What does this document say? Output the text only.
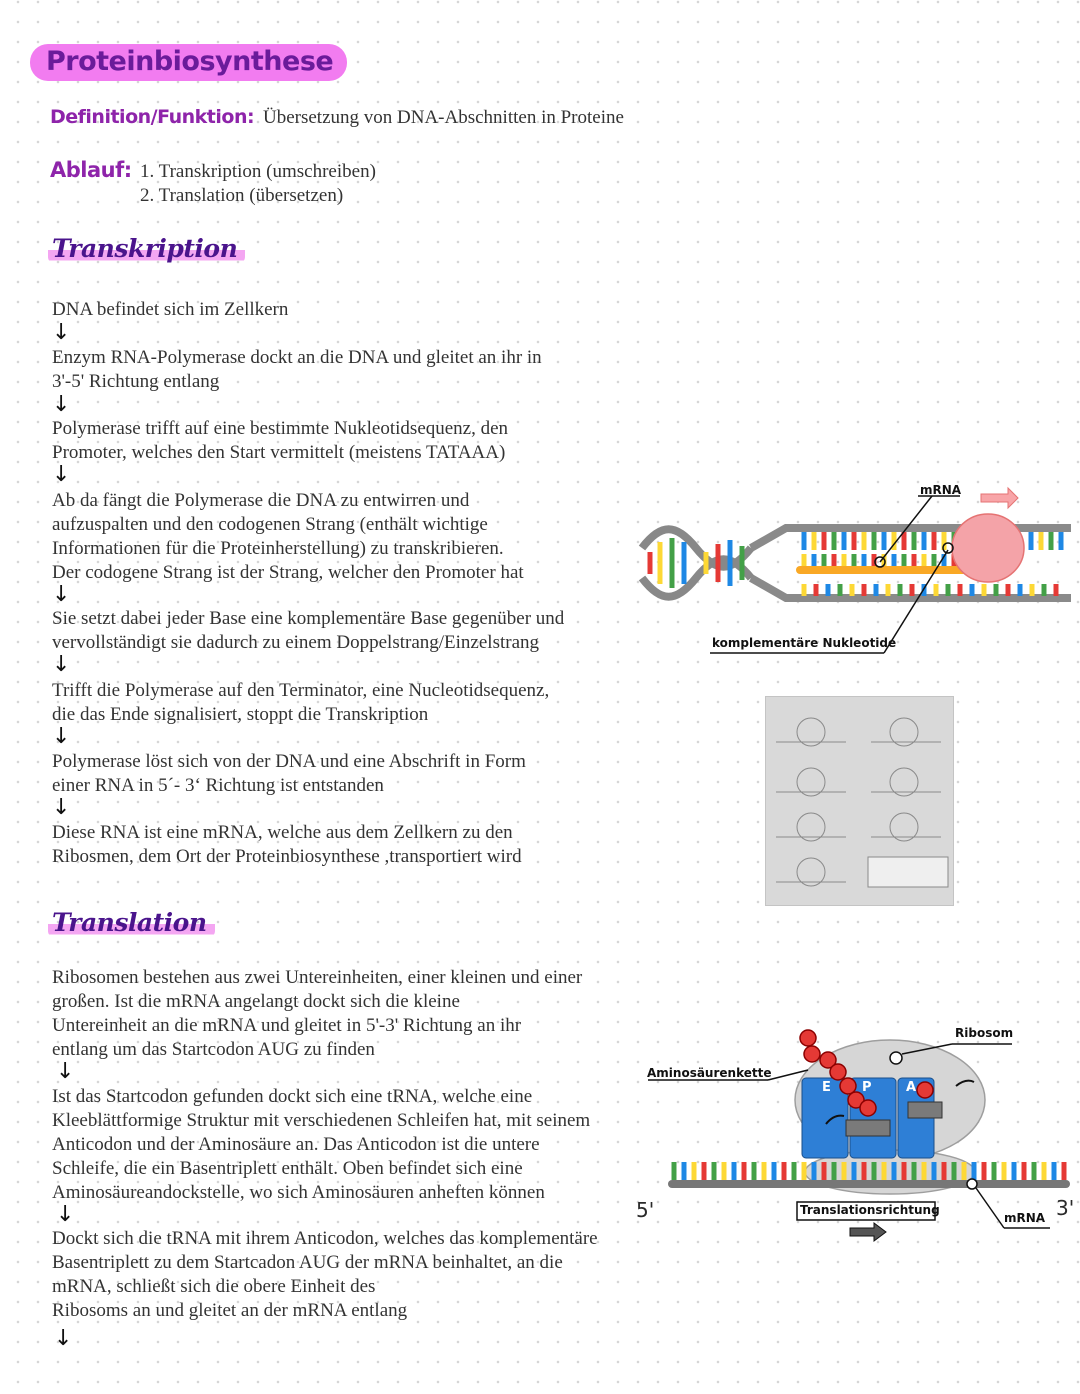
Proteinbiosynthese
Definition/Funktion: Übersetzung von DNA-Abschnitten in Proteine
Ablauf: 1. Transkription (umschreiben)
2. Translation (übersetzen)
Transkription
DNA befindet sich im Zellkern
↓
Enzym RNA-Polymerase dockt an die DNA und gleitet an ihr in
3'-5' Richtung entlang
↓
Polymerase trifft auf eine bestimmte Nukleotidsequenz, den
Promoter, welches den Start vermittelt (meistens TATAAA)
↓
Ab da fängt die Polymerase die DNA zu entwirren und
aufzuspalten und den codogenen Strang (enthält wichtige
Informationen für die Proteinherstellung) zu transkribieren.
Der codogene Strang ist der Strang, welcher den Promoter hat
↓
Sie setzt dabei jeder Base eine komplementäre Base gegenüber und
vervollständigt sie dadurch zu einem Doppelstrang/Einzelstrang
↓
Trifft die Polymerase auf den Terminator, eine Nucleotidsequenz,
die das Ende signalisiert, stoppt die Transkription
↓
Polymerase löst sich von der DNA und eine Abschrift in Form
einer RNA in 5´- 3‘ Richtung ist entstanden
↓
Diese RNA ist eine mRNA, welche aus dem Zellkern zu den
Ribosmen, dem Ort der Proteinbiosynthese ,transportiert wird
mRNA
komplementäre Nukleotide
Translation
Ribosomen bestehen aus zwei Untereinheiten, einer kleinen und einer
großen. Ist die mRNA angelangt dockt sich die kleine
Untereinheit an die mRNA und gleitet in 5'-3' Richtung an ihr
entlang um das Startcodon AUG zu finden
↓
Ist das Startcodon gefunden dockt sich eine tRNA, welche eine
Kleeblättformige Struktur mit verschiedenen Schleifen hat, mit seinem
Anticodon und der Aminosäure an. Das Anticodon ist die untere
Schleife, die ein Basentriplett enthält. Oben befindet sich eine
Aminosäureandockstelle, wo sich Aminosäuren anheften können
↓
Dockt sich die tRNA mit ihrem Anticodon, welches das komplementäre
Basentriplett zu dem Startcadon AUG der mRNA beinhaltet, an die
mRNA, schließt sich die obere Einheit des
Ribosoms an und gleitet an der mRNA entlang
↓
E P	A
Ribosom
Aminosäurenkette
Translationsrichtung
mRNA
5'	3'
